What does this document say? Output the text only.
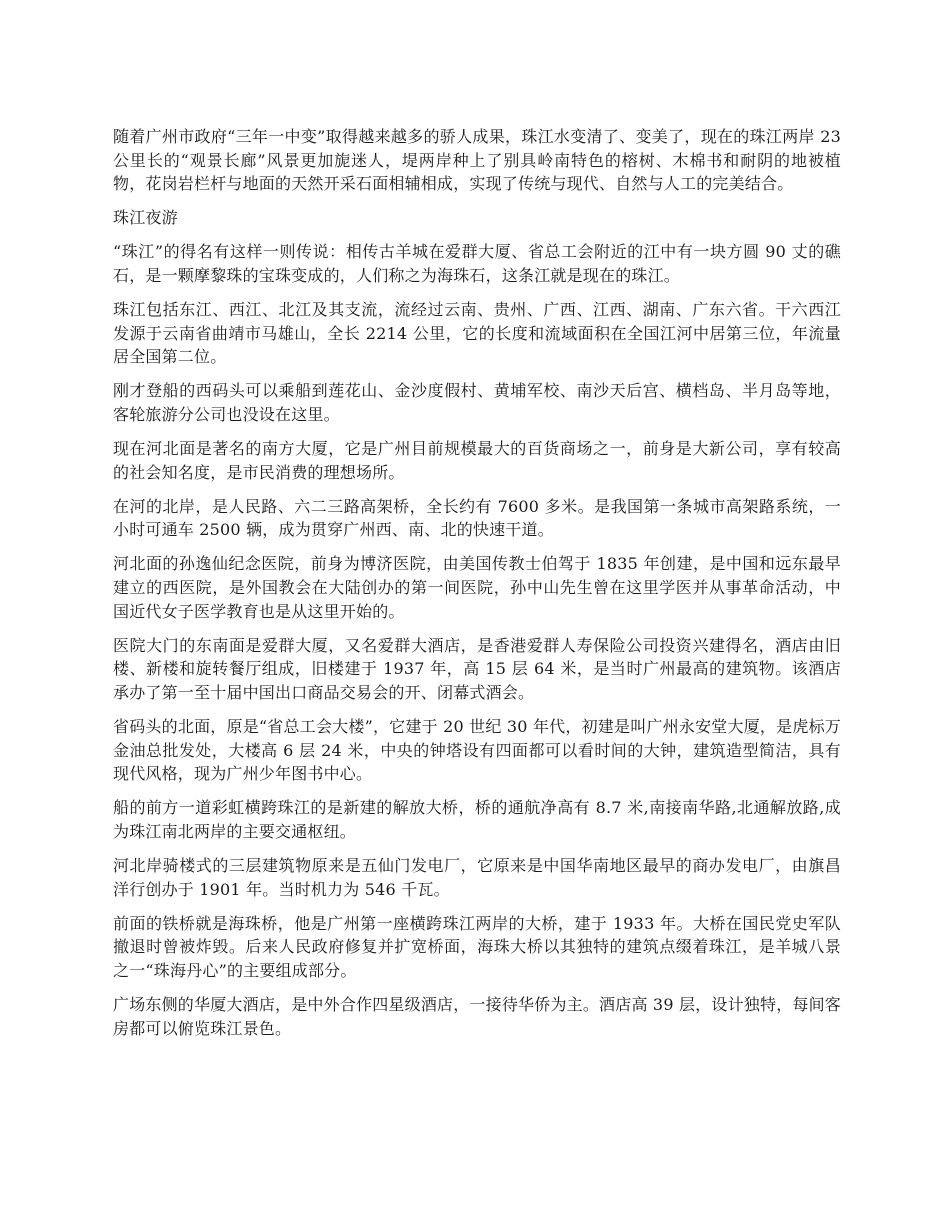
随着广州市政府“三年一中变”取得越来越多的骄人成果，珠江水变清了、变美了，现在的珠江两岸 23 公里长的“观景长廊”风景更加旎迷人，堤两岸种上了别具岭南特色的榕树、木棉书和耐阴的地被植物，花岗岩栏杆与地面的天然开采石面相辅相成，实现了传统与现代、自然与人工的完美结合。

珠江夜游

“珠江”的得名有这样一则传说：相传古羊城在爱群大厦、省总工会附近的江中有一块方圆 90 丈的礁石，是一颗摩黎珠的宝珠变成的，人们称之为海珠石，这条江就是现在的珠江。

珠江包括东江、西江、北江及其支流，流经过云南、贵州、广西、江西、湖南、广东六省。干六西江发源于云南省曲靖市马雄山，全长 2214 公里，它的长度和流域面积在全国江河中居第三位，年流量居全国第二位。

刚才登船的西码头可以乘船到莲花山、金沙度假村、黄埔军校、南沙天后宫、横档岛、半月岛等地，客轮旅游分公司也没设在这里。

现在河北面是著名的南方大厦，它是广州目前规模最大的百货商场之一，前身是大新公司，享有较高的社会知名度，是市民消费的理想场所。

在河的北岸，是人民路、六二三路高架桥，全长约有 7600 多米。是我国第一条城市高架路系统，一小时可通车 2500 辆，成为贯穿广州西、南、北的快速干道。

河北面的孙逸仙纪念医院，前身为博济医院，由美国传教士伯驾于 1835 年创建，是中国和远东最早建立的西医院，是外国教会在大陆创办的第一间医院，孙中山先生曾在这里学医并从事革命活动，中国近代女子医学教育也是从这里开始的。

医院大门的东南面是爱群大厦，又名爱群大酒店，是香港爱群人寿保险公司投资兴建得名，酒店由旧楼、新楼和旋转餐厅组成，旧楼建于 1937 年，高 15 层 64 米，是当时广州最高的建筑物。该酒店承办了第一至十届中国出口商品交易会的开、闭幕式酒会。

省码头的北面，原是“省总工会大楼”，它建于 20 世纪 30 年代，初建是叫广州永安堂大厦，是虎标万金油总批发处，大楼高 6 层 24 米，中央的钟塔设有四面都可以看时间的大钟，建筑造型简洁，具有现代风格，现为广州少年图书中心。

船的前方一道彩虹横跨珠江的是新建的解放大桥，桥的通航净高有 8.7 米,南接南华路,北通解放路,成为珠江南北两岸的主要交通枢纽。

河北岸骑楼式的三层建筑物原来是五仙门发电厂，它原来是中国华南地区最早的商办发电厂，由旗昌洋行创办于 1901 年。当时机力为 546 千瓦。

前面的铁桥就是海珠桥，他是广州第一座横跨珠江两岸的大桥，建于 1933 年。大桥在国民党史军队撤退时曾被炸毁。后来人民政府修复并扩宽桥面，海珠大桥以其独特的建筑点缀着珠江，是羊城八景之一“珠海丹心”的主要组成部分。

广场东侧的华厦大酒店，是中外合作四星级酒店，一接待华侨为主。酒店高 39 层，设计独特，每间客房都可以俯览珠江景色。
